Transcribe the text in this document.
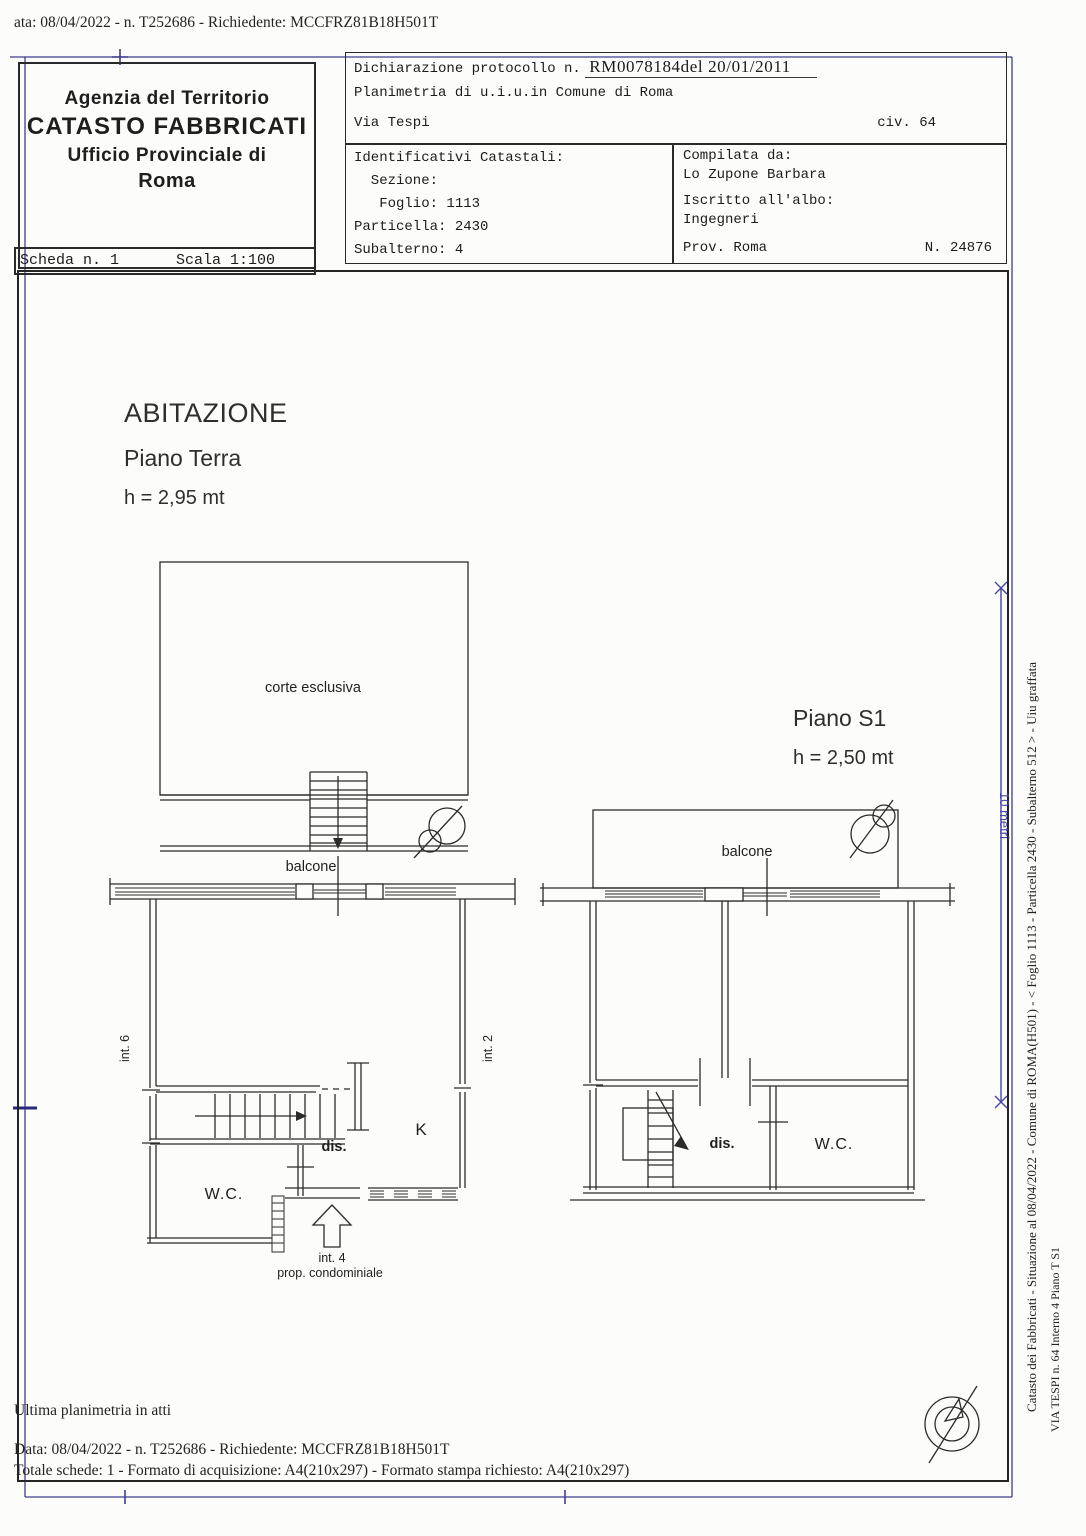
ata: 08/04/2022 - n. T252686 - Richiedente: MCCFRZ81B18H501T
Agenzia del Territorio
CATASTO FABBRICATI
Ufficio Provinciale di
Roma
Scheda n. 1	Scala 1:100
Dichiarazione protocollo n. RM0078184del 20/01/2011
Planimetria di u.i.u.in Comune di Roma
Via Tespi	civ. 64
Identificativi Catastali:
Sezione:
Foglio: 1113
Particella: 2430
Subalterno: 4
Compilata da:
Lo Zupone Barbara
Iscritto all'albo:
Ingegneri
Prov. Roma	N. 24876
ABITAZIONE
Piano Terra
h = 2,95 mt
Piano S1
h = 2,50 mt
corte esclusiva
balcone
int. 6	int. 2
dis.
K
W.C.
int. 4
prop. condominiale
balcone
dis.	W.C.
10 metri Catasto dei Fabbricati - Situazione al 08/04/2022 - Comune di ROMA(H501) - < Foglio 1113 - Particella 2430 - Subalterno 512 > - Uiu graffata VIA TESPI n. 64 Interno 4 Piano T S1
Ultima planimetria in atti
Data: 08/04/2022 - n. T252686 - Richiedente: MCCFRZ81B18H501T
Totale schede: 1 - Formato di acquisizione: A4(210x297) - Formato stampa richiesto: A4(210x297)
